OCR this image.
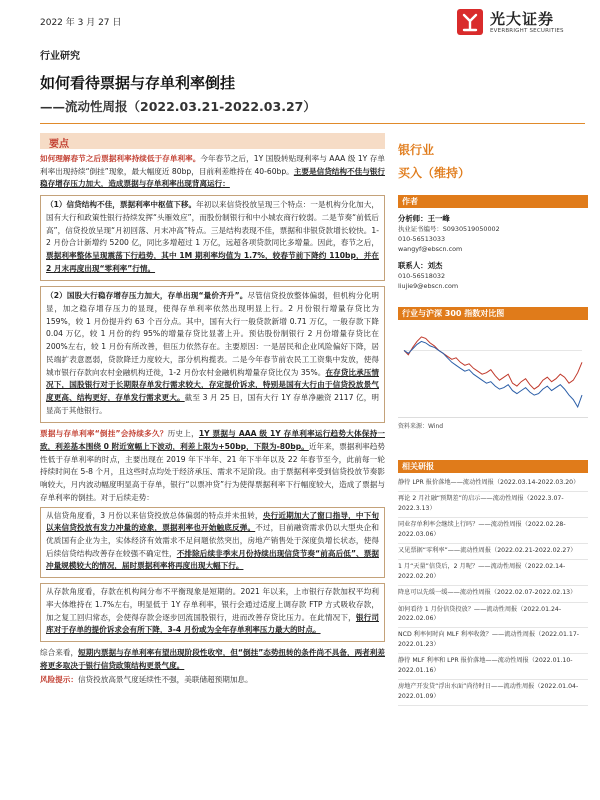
2022 年 3 月 27 日	光大证券
EVERBRIGHT SECURITIES
行业研究
如何看待票据与存单利率倒挂
——流动性周报（2022.03.21-2022.03.27）
要点
如何理解春节之后票据利率持续低于存单利率。今年春节之后，1Y 国股转贴现利率与 AAA 级 1Y 存单利率出现持续“倒挂”现象，最大幅度近 80bp，目前利差维持在 40-60bp。主要是信贷结构不佳与银行稳存增存压力加大，造成票据与存单利率出现背离运行：
（1）信贷结构不佳，票据利率中枢值下移。年初以来信贷投放呈现三个特点：一是机构分化加大，国有大行和政策性银行持续发挥“头雁效应”，而股份制银行和中小城农商行较弱。二是节奏“前低后高”，信贷投放呈现“月初回落、月末冲高”特点。三是结构表现不佳，票据和非银贷款增长较快。1-2 月份合计新增约 5200 亿，同比多增超过 1 万亿，远超各项贷款同比多增量。因此，春节之后，票据利率整体呈现震荡下行趋势，其中 1M 期利率均值为 1.7%，较春节前下降约 110bp，并在 2 月末再度出现“零利率”行情。
（2）国股大行稳存增存压力加大，存单出现“量价齐升”。尽管信贷投放整体偏弱，但机构分化明显，加之稳存增存压力的显现，使得存单利率依然出现明显上行。2 月份银行增量存贷比为 159%，较 1 月份提升约 63 个百分点。其中，国有大行一般贷款新增 0.71 万亿，一般存款下降 0.04 万亿，较 1 月份的约 95%的增量存贷比显著上升。预估股份制银行 2 月份增量存贷比在 200%左右，较 1 月份有所改善，但压力依然存在。主要原因：一是居民和企业风险偏好下降，居民端扩表意愿弱，贷款降迁力度较大，部分机构揽表。二是今年春节前农民工工资集中发放，使得城市银行存款向农村金融机构迁徙，1-2 月份农村金融机构增量存贷比仅为 35%。在存贷比承压情况下，国股银行对于长期限存单发行需求较大，存定提价诉求，特别是国有大行由于信贷投放景气度更高、结构更好，存单发行需求更大。截至 3 月 25 日，国有大行 1Y 存单净融资 2117 亿，明显高于其他银行。
票据与存单利率“倒挂”会持续多久？历史上，1Y 票据与 AAA 级 1Y 存单利率运行趋势大体保持一致，利差基本围绕 0 附近宽幅上下波动，利差上限为+50bp，下限为-80bp。近年来，票据利率趋势性低于存单利率的时点，主要出现在 2019 年下半年、21 年下半年以及 22 年春节至今，此前每一轮持续时间在 5-8 个月，且这些时点均处于经济承压、需求不足阶段。由于票据利率受到信贷投放节奏影响较大，月内波动幅度明显高于存单，银行“以票冲贷”行为使得票据利率下行幅度较大，造成了票据与存单利率的倒挂。对于后续走势：
从信贷角度看，3 月份以来信贷投放总体偏弱的特点并未扭转，央行近期加大了窗口指导，中下旬以来信贷投放有发力冲量的迹象，票据利率也开始触底反弹。不过，目前融资需求仍以大型央企和优质国有企业为主，实体经济有效需求不足问题依然突出，房地产销售处于深度负增长状态，使得后续信贷结构改善存在较强不确定性，不排除后续非季末月份持续出现信贷节奏“前高后低”、票据冲量规模较大的情况，届时票据利率将再度出现大幅下行。
从存款角度看，存款在机构间分布不平衡现象是短期的。2021 年以来，上市银行存款加权平均利率大体维持在 1.7%左右，明显低于 1Y 存单利率，银行会通过适度上调存款 FTP 方式吸收存款，加之复工回归常态，会使得存款会逐步回流国股银行，进而改善存贷比压力。在此情况下，银行司库对于存单的提价诉求会有所下降，3-4 月份或为全年存单利率压力最大的时点。
综合来看，短期内票据与存单利率有望出现阶段性收窄，但“倒挂”态势扭转的条件尚不具备，两者利差将更多取决于银行信贷政策结构更景气度。
风险提示：信贷投放高景气度延续性不强，美联储超预期加息。
银行业
买入（维持）
作者
分析师：王一峰
执业证书编号：S0930519050002
010-56513033
wangyf@ebscn.com
联系人：刘杰
010-56518032
liujie9@ebscn.com
行业与沪深 300 指数对比图
资料来源：Wind
相关研报
静待 LPR 报价落地——流动性周报（2022.03.14-2022.03.20）
再论 2 月社融“预期差”的启示——流动性周报（2022.3.07-2022.3.13）
同业存单利率会继续上行吗？——流动性周报（2022.02.28-2022.03.06）
又见票据“零利率”——流动性周报（2022.02.21-2022.02.27）
1 月“天量”信贷后，2 月呢？——流动性周报（2022.02.14-2022.02.20）
降息可以先缓一缓——流动性周报（2022.02.07-2022.02.13）
如何看待 1 月份信贷投放？——流动性周报（2022.01.24-2022.02.06）
NCD 利率何时向 MLF 利率收敛？——流动性周报（2022.01.17-2022.01.23）
静待 MLF 利率和 LPR 报价落地——流动性周报（2022.01.10-2022.01.16）
房地产开发贷“浮出水面”尚待时日——流动性周报（2022.01.04-2022.01.09）
